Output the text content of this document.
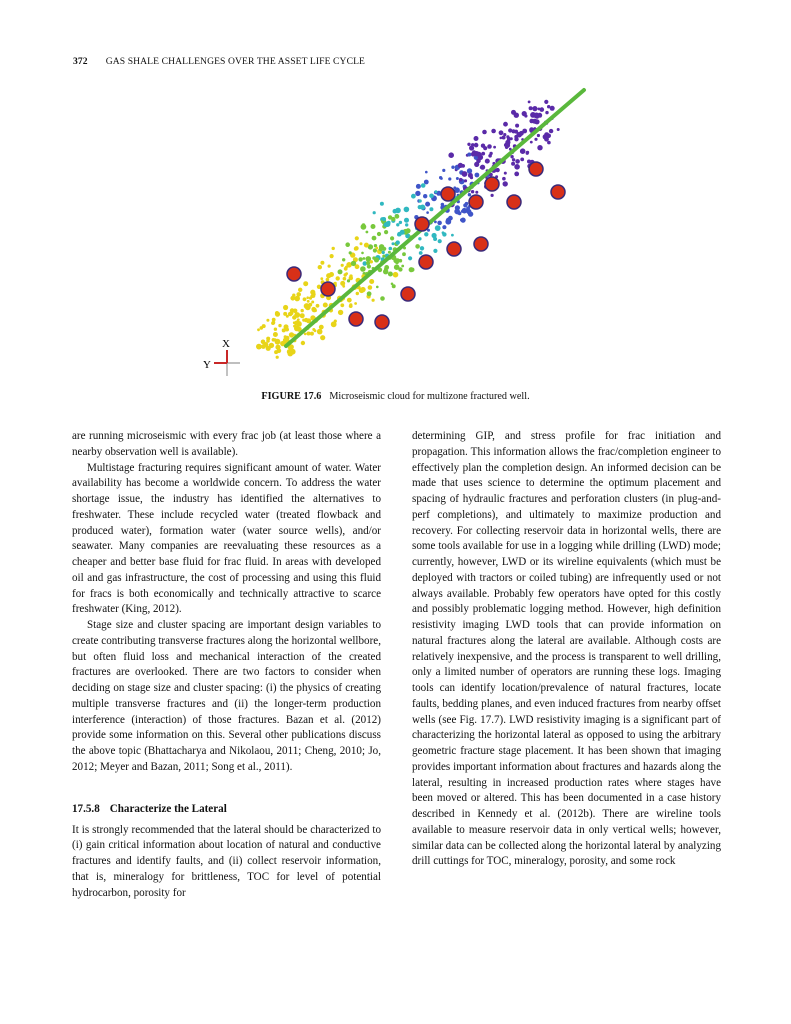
372 GAS SHALE CHALLENGES OVER THE ASSET LIFE CYCLE
X
Y
FIGURE 17.6 Microseismic cloud for multizone fractured well.

are running microseismic with every frac job (at least those where a nearby observation well is available).

Multistage fracturing requires significant amount of water. Water availability has become a worldwide concern. To address the water shortage issue, the industry has identified the alternatives to freshwater. These include recycled water (treated flowback and produced water), formation water (water source wells), and/or seawater. Many companies are reevaluating these resources as a cheaper and better base fluid for frac fluid. In areas with developed oil and gas infrastructure, the cost of processing and using this fluid for fracs is both economically and technically attractive to scarce freshwater (King, 2012).

Stage size and cluster spacing are important design variables to create contributing transverse fractures along the horizontal wellbore, but often fluid loss and mechanical interaction of the created fractures are overlooked. There are two factors to consider when deciding on stage size and cluster spacing: (i) the physics of creating multiple transverse fractures and (ii) the longer-term production interference (interaction) of those fractures. Bazan et al. (2012) provide some information on this. Several other publications discuss the above topic (Bhattacharya and Nikolaou, 2011; Cheng, 2010; Jo, 2012; Meyer and Bazan, 2011; Song et al., 2011).

17.5.8 Characterize the Lateral

It is strongly recommended that the lateral should be characterized to (i) gain critical information about location of natural and conductive fractures and identify faults, and (ii) collect reservoir information, that is, mineralogy for brittleness, TOC for level of potential hydrocarbon, porosity for

determining GIP, and stress profile for frac initiation and propagation. This information allows the frac/completion engineer to effectively plan the completion design. An informed decision can be made that uses science to determine the optimum placement and spacing of hydraulic fractures and perforation clusters (in plug-and-perf completions), and ultimately to maximize production and recovery. For collecting reservoir data in horizontal wells, there are some tools available for use in a logging while drilling (LWD) mode; currently, however, LWD or its wireline equivalents (which must be deployed with tractors or coiled tubing) are infrequently used or not always available. Probably few operators have opted for this costly and possibly problematic logging method. However, high definition resistivity imaging LWD tools that can provide information on natural fractures along the lateral are available. Although costs are relatively inexpensive, and the process is transparent to well drilling, only a limited number of operators are running these logs. Imaging tools can identify location/prevalence of natural fractures, locate faults, bedding planes, and even induced fractures from nearby offset wells (see Fig. 17.7). LWD resistivity imaging is a significant part of characterizing the horizontal lateral as opposed to using the arbitrary geometric fracture stage placement. It has been shown that imaging provides important information about fractures and hazards along the lateral, resulting in increased production rates where stages have been moved or altered. This has been documented in a case history described in Kennedy et al. (2012b). There are wireline tools available to measure reservoir data in only vertical wells; however, similar data can be collected along the horizontal lateral by analyzing drill cuttings for TOC, mineralogy, porosity, and some rock
